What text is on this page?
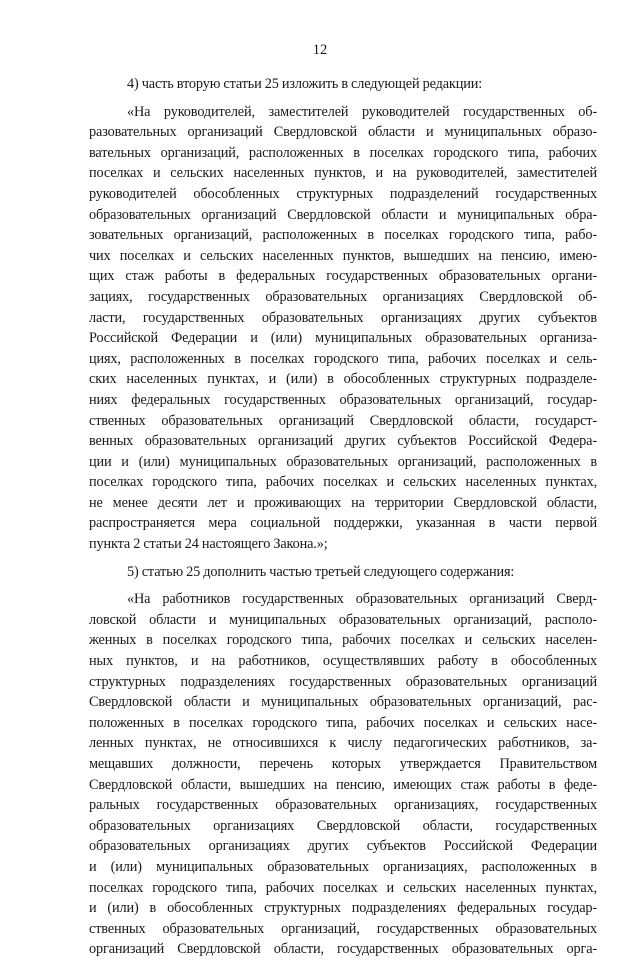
12

4) часть вторую статьи 25 изложить в следующей редакции:

«На руководителей, заместителей руководителей государственных об-
разовательных организаций Свердловской области и муниципальных образо-
вательных организаций, расположенных в поселках городского типа, рабочих
поселках и сельских населенных пунктов, и на руководителей, заместителей
руководителей обособленных структурных подразделений государственных
образовательных организаций Свердловской области и муниципальных обра-
зовательных организаций, расположенных в поселках городского типа, рабо-
чих поселках и сельских населенных пунктов, вышедших на пенсию, имею-
щих стаж работы в федеральных государственных образовательных органи-
зациях, государственных образовательных организациях Свердловской об-
ласти, государственных образовательных организациях других субъектов
Российской Федерации и (или) муниципальных образовательных организа-
циях, расположенных в поселках городского типа, рабочих поселках и сель-
ских населенных пунктах, и (или) в обособленных структурных подразделе-
ниях федеральных государственных образовательных организаций, государ-
ственных образовательных организаций Свердловской области, государст-
венных образовательных организаций других субъектов Российской Федера-
ции и (или) муниципальных образовательных организаций, расположенных в
поселках городского типа, рабочих поселках и сельских населенных пунктах,
не менее десяти лет и проживающих на территории Свердловской области,
распространяется мера социальной поддержки, указанная в части первой
пункта 2 статьи 24 настоящего Закона.»;

5) статью 25 дополнить частью третьей следующего содержания:

«На работников государственных образовательных организаций Сверд-
ловской области и муниципальных образовательных организаций, располо-
женных в поселках городского типа, рабочих поселках и сельских населен-
ных пунктов, и на работников, осуществлявших работу в обособленных
структурных подразделениях государственных образовательных организаций
Свердловской области и муниципальных образовательных организаций, рас-
положенных в поселках городского типа, рабочих поселках и сельских насе-
ленных пунктах, не относившихся к числу педагогических работников, за-
мещавших должности, перечень которых утверждается Правительством
Свердловской области, вышедших на пенсию, имеющих стаж работы в феде-
ральных государственных образовательных организациях, государственных
образовательных организациях Свердловской области, государственных
образовательных организациях других субъектов Российской Федерации
и (или) муниципальных образовательных организациях, расположенных в
поселках городского типа, рабочих поселках и сельских населенных пунктах,
и (или) в обособленных структурных подразделениях федеральных государ-
ственных образовательных организаций, государственных образовательных
организаций Свердловской области, государственных образовательных орга-
